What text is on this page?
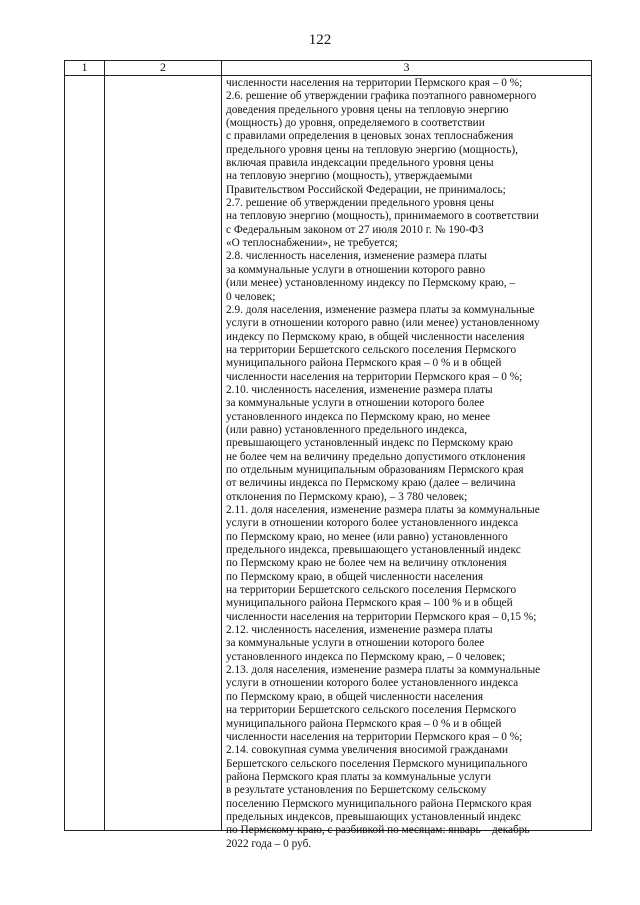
122
1	2	3
численности населения на территории Пермского края – 0 %;
2.6. решение об утверждении графика поэтапного равномерного
доведения предельного уровня цены на тепловую энергию
(мощность) до уровня, определяемого в соответствии
с правилами определения в ценовых зонах теплоснабжения
предельного уровня цены на тепловую энергию (мощность),
включая правила индексации предельного уровня цены
на тепловую энергию (мощность), утверждаемыми
Правительством Российской Федерации, не принималось;
2.7. решение об утверждении предельного уровня цены
на тепловую энергию (мощность), принимаемого в соответствии
с Федеральным законом от 27 июля 2010 г. № 190-ФЗ
«О теплоснабжении», не требуется;
2.8. численность населения, изменение размера платы
за коммунальные услуги в отношении которого равно
(или менее) установленному индексу по Пермскому краю, –
0 человек;
2.9. доля населения, изменение размера платы за коммунальные
услуги в отношении которого равно (или менее) установленному
индексу по Пермскому краю, в общей численности населения
на территории Бершетского сельского поселения Пермского
муниципального района Пермского края – 0 % и в общей
численности населения на территории Пермского края – 0 %;
2.10. численность населения, изменение размера платы
за коммунальные услуги в отношении которого более
установленного индекса по Пермскому краю, но менее
(или равно) установленного предельного индекса,
превышающего установленный индекс по Пермскому краю
не более чем на величину предельно допустимого отклонения
по отдельным муниципальным образованиям Пермского края
от величины индекса по Пермскому краю (далее – величина
отклонения по Пермскому краю), – 3 780 человек;
2.11. доля населения, изменение размера платы за коммунальные
услуги в отношении которого более установленного индекса
по Пермскому краю, но менее (или равно) установленного
предельного индекса, превышающего установленный индекс
по Пермскому краю не более чем на величину отклонения
по Пермскому краю, в общей численности населения
на территории Бершетского сельского поселения Пермского
муниципального района Пермского края – 100 % и в общей
численности населения на территории Пермского края – 0,15 %;
2.12. численность населения, изменение размера платы
за коммунальные услуги в отношении которого более
установленного индекса по Пермскому краю, – 0 человек;
2.13. доля населения, изменение размера платы за коммунальные
услуги в отношении которого более установленного индекса
по Пермскому краю, в общей численности населения
на территории Бершетского сельского поселения Пермского
муниципального района Пермского края – 0 % и в общей
численности населения на территории Пермского края – 0 %;
2.14. совокупная сумма увеличения вносимой гражданами
Бершетского сельского поселения Пермского муниципального
района Пермского края платы за коммунальные услуги
в результате установления по Бершетскому сельскому
поселению Пермского муниципального района Пермского края
предельных индексов, превышающих установленный индекс
по Пермскому краю, с разбивкой по месяцам: январь – декабрь
2022 года – 0 руб.
